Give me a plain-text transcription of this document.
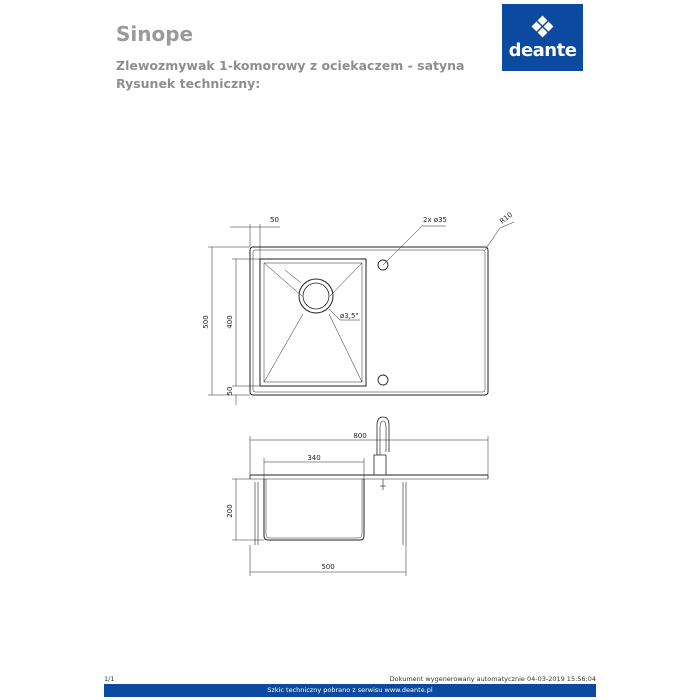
Sinope
Zlewozmywak 1-komorowy z ociekaczem - satyna
Rysunek techniczny:
deante
50	2x ø35	R10
ø3,5"
500 400
50
800
340
200
500
1/1	Dokument wygenerowany automatycznie 04-03-2019 15:56:04
Szkic techniczny pobrano z serwisu www.deante.pl
